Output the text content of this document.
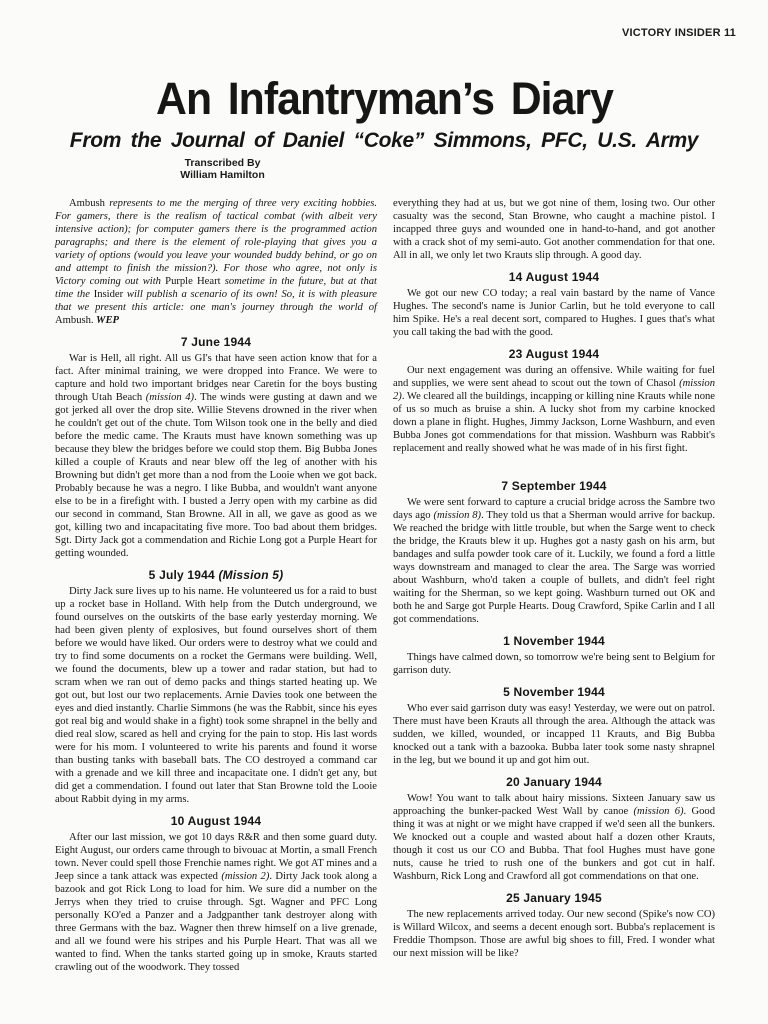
VICTORY INSIDER 11
An Infantryman’s Diary
From the Journal of Daniel “Coke” Simmons, PFC, U.S. Army
Transcribed By
William Hamilton

Ambush represents to me the merging of three very exciting hobbies. For gamers, there is the realism of tactical combat (with albeit very intensive action); for computer gamers there is the programmed action paragraphs; and there is the element of role-playing that gives you a variety of options (would you leave your wounded buddy behind, or go on and attempt to finish the mission?). For those who agree, not only is Victory coming out with Purple Heart sometime in the future, but at that time the Insider will publish a scenario of its own! So, it is with pleasure that we present this article: one man's journey through the world of Ambush. WEP

7 June 1944

War is Hell, all right. All us GI's that have seen action know that for a fact. After minimal training, we were dropped into France. We were to capture and hold two important bridges near Caretin for the boys busting through Utah Beach (mission 4). The winds were gusting at dawn and we got jerked all over the drop site. Willie Stevens drowned in the river when he couldn't get out of the chute. Tom Wilson took one in the belly and died before the medic came. The Krauts must have known something was up because they blew the bridges before we could stop them. Big Bubba Jones killed a couple of Krauts and near blew off the leg of another with his Browning but didn't get more than a nod from the Looie when we got back. Probably because he was a negro. I like Bubba, and wouldn't want anyone else to be in a firefight with. I busted a Jerry open with my carbine as did our second in command, Stan Browne. All in all, we gave as good as we got, killing two and incapacitating five more. Too bad about them bridges. Sgt. Dirty Jack got a commendation and Richie Long got a Purple Heart for getting wounded.

5 July 1944 (Mission 5)

Dirty Jack sure lives up to his name. He volunteered us for a raid to bust up a rocket base in Holland. With help from the Dutch underground, we found ourselves on the outskirts of the base early yesterday morning. We had been given plenty of explosives, but found ourselves short of them before we would have liked. Our orders were to destroy what we could and try to find some documents on a rocket the Germans were building. Well, we found the documents, blew up a tower and radar station, but had to scram when we ran out of demo packs and things started heating up. We got out, but lost our two replacements. Arnie Davies took one between the eyes and died instantly. Charlie Simmons (he was the Rabbit, since his eyes got real big and would shake in a fight) took some shrapnel in the belly and died real slow, scared as hell and crying for the pain to stop. His last words were for his mom. I volunteered to write his parents and found it worse than busting tanks with baseball bats. The CO destroyed a command car with a grenade and we kill three and incapacitate one. I didn't get any, but did get a commendation. I found out later that Stan Browne told the Looie about Rabbit dying in my arms.

10 August 1944

After our last mission, we got 10 days R&R and then some guard duty. Eight August, our orders came through to bivouac at Mortin, a small French town. Never could spell those Frenchie names right. We got AT mines and a Jeep since a tank attack was expected (mission 2). Dirty Jack took along a bazook and got Rick Long to load for him. We sure did a number on the Jerrys when they tried to cruise through. Sgt. Wagner and PFC Long personally KO'ed a Panzer and a Jadgpanther tank destroyer along with three Germans with the baz. Wagner then threw himself on a live grenade, and all we found were his stripes and his Purple Heart. That was all we wanted to find. When the tanks started going up in smoke, Krauts started crawling out of the woodwork. They tossed

everything they had at us, but we got nine of them, losing two. Our other casualty was the second, Stan Browne, who caught a machine pistol. I incapped three guys and wounded one in hand-to-hand, and got another with a crack shot of my semi-auto. Got another commendation for that one. All in all, we only let two Krauts slip through. A good day.

14 August 1944

We got our new CO today; a real vain bastard by the name of Vance Hughes. The second's name is Junior Carlin, but he told everyone to call him Spike. He's a real decent sort, compared to Hughes. I gues that's what you call taking the bad with the good.

23 August 1944

Our next engagement was during an offensive. While waiting for fuel and supplies, we were sent ahead to scout out the town of Chasol (mission 2). We cleared all the buildings, incapping or killing nine Krauts while none of us so much as bruise a shin. A lucky shot from my carbine knocked down a plane in flight. Hughes, Jimmy Jackson, Lorne Washburn, and even Bubba Jones got commendations for that mission. Washburn was Rabbit's replacement and really showed what he was made of in his first fight.

7 September 1944

We were sent forward to capture a crucial bridge across the Sambre two days ago (mission 8). They told us that a Sherman would arrive for backup. We reached the bridge with little trouble, but when the Sarge went to check the bridge, the Krauts blew it up. Hughes got a nasty gash on his arm, but bandages and sulfa powder took care of it. Luckily, we found a ford a little ways downstream and managed to clear the area. The Sarge was worried about Washburn, who'd taken a couple of bullets, and didn't feel right waiting for the Sherman, so we kept going. Washburn turned out OK and both he and Sarge got Purple Hearts. Doug Crawford, Spike Carlin and I all got commendations.

1 November 1944

Things have calmed down, so tomorrow we're being sent to Belgium for garrison duty.

5 November 1944

Who ever said garrison duty was easy! Yesterday, we were out on patrol. There must have been Krauts all through the area. Although the attack was sudden, we killed, wounded, or incapped 11 Krauts, and Big Bubba knocked out a tank with a bazooka. Bubba later took some nasty shrapnel in the leg, but we bound it up and got him out.

20 January 1944

Wow! You want to talk about hairy missions. Sixteen January saw us approaching the bunker-packed West Wall by canoe (mission 6). Good thing it was at night or we might have crapped if we'd seen all the bunkers. We knocked out a couple and wasted about half a dozen other Krauts, though it cost us our CO and Bubba. That fool Hughes must have gone nuts, cause he tried to rush one of the bunkers and got cut in half. Washburn, Rick Long and Crawford all got commendations on that one.

25 January 1945

The new replacements arrived today. Our new second (Spike's now CO) is Willard Wilcox, and seems a decent enough sort. Bubba's replacement is Freddie Thompson. Those are awful big shoes to fill, Fred. I wonder what our next mission will be like?
